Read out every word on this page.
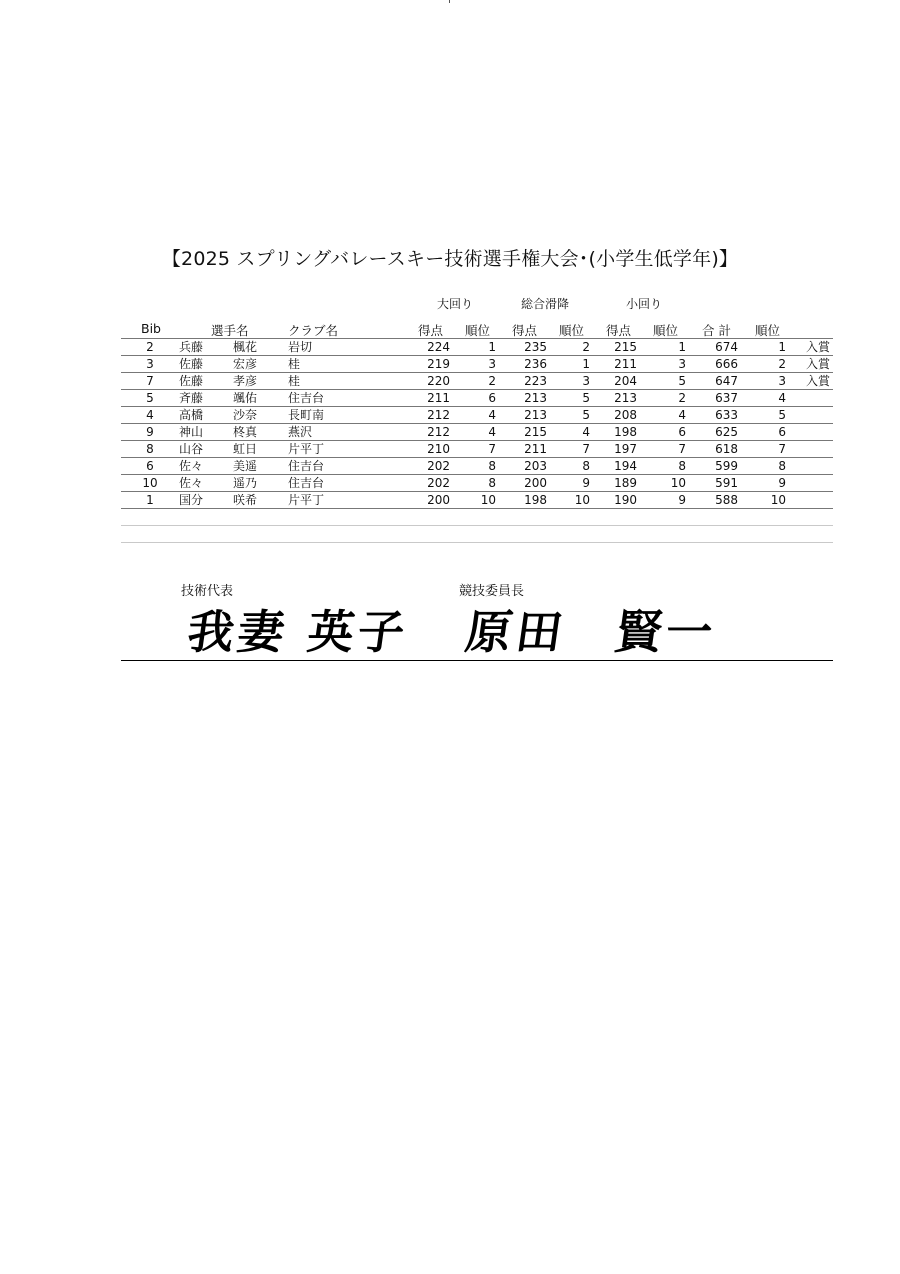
【2025 スプリングバレースキー技術選手権大会･(小学生低学年)】
大回り	総合滑降	小回り
Bib	選手名	クラブ名	得点 順位 得点 順位 得点 順位 合 計 順位
2	兵藤	楓花	岩切	224	1	235	2	215	1	674	1 入賞
3	佐藤	宏彦	桂	219	3	236	1	211	3	666	2 入賞
7	佐藤	孝彦	桂	220	2	223	3	204	5	647	3 入賞
5	斉藤	颯佑	住吉台	211	6	213	5	213	2	637	4
4	高橋	沙奈	長町南	212	4	213	5	208	4	633	5
9	神山	柊真	燕沢	212	4	215	4	198	6	625	6
8	山谷	虹日	片平丁	210	7	211	7	197	7	618	7
6	佐々	美遥	住吉台	202	8	203	8	194	8	599	8
10	佐々	遥乃	住吉台	202	8	200	9	189	10	591	9
1	国分	咲希	片平丁	200	10	198	10	190	9	588	10
技術代表	競技委員長
我妻 英子 原田　賢一
